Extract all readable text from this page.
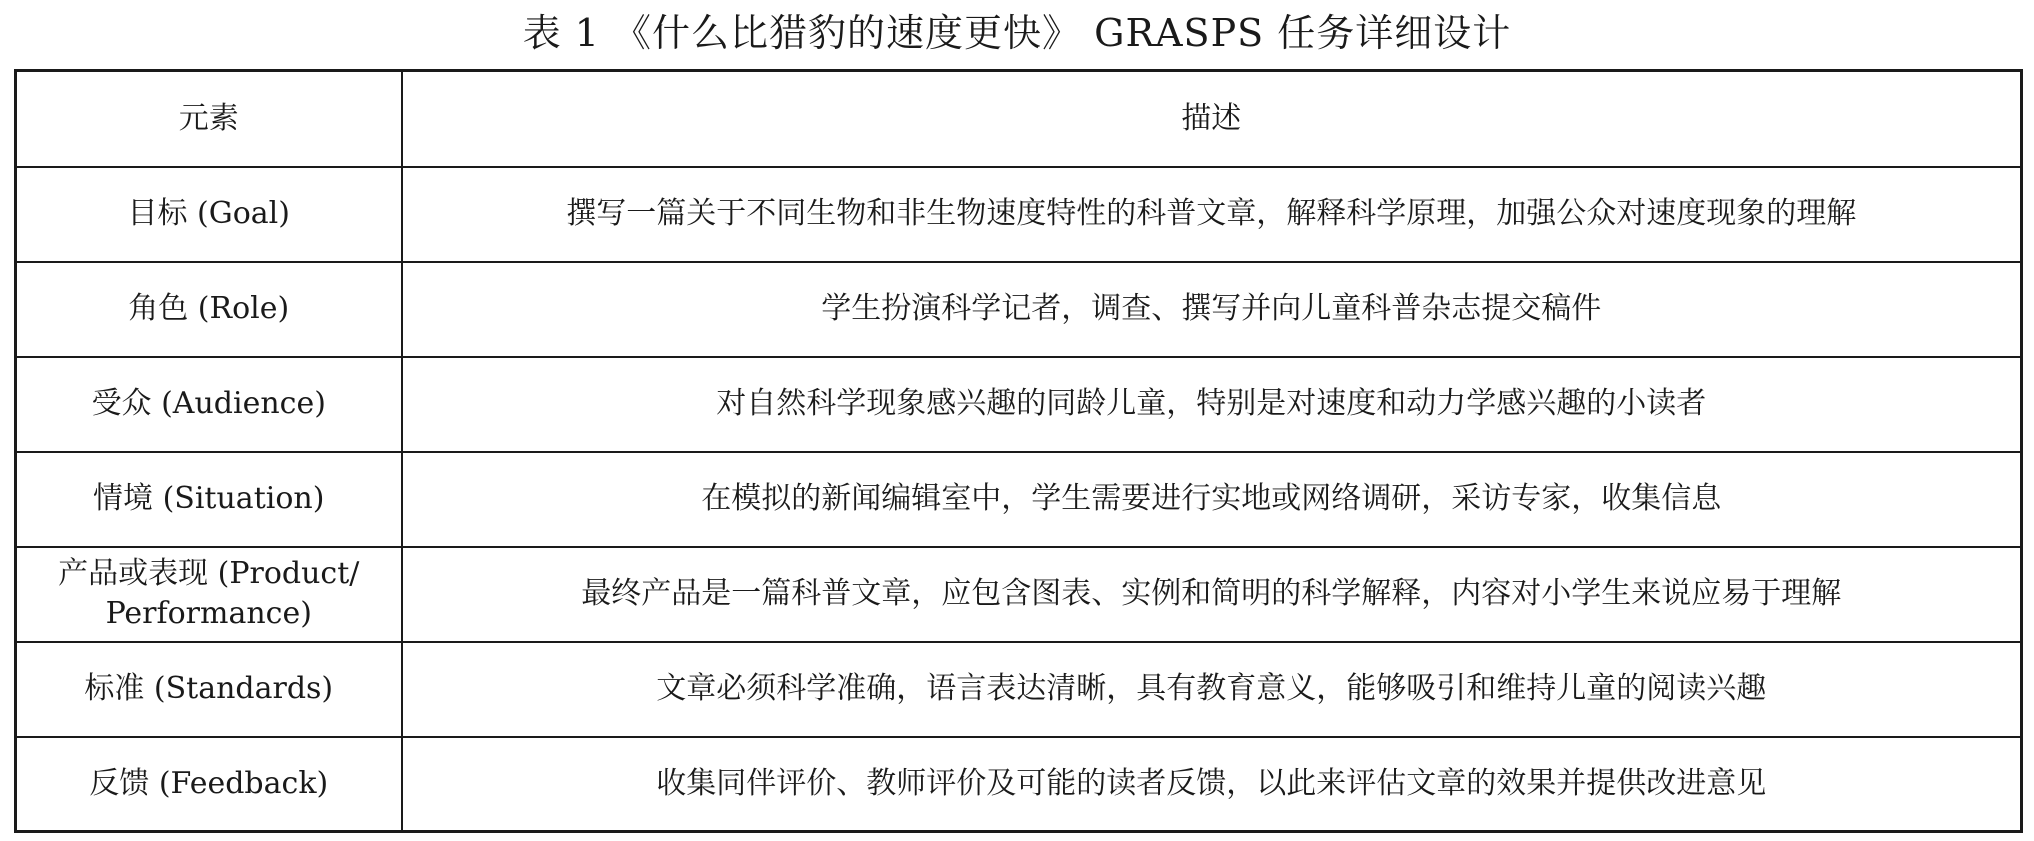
表 1 《什么比猎豹的速度更快》 GRASPS 任务详细设计
元素	描述
目标 (Goal)	撰写一篇关于不同生物和非生物速度特性的科普文章，解释科学原理，加强公众对速度现象的理解
角色 (Role)	学生扮演科学记者，调查、撰写并向儿童科普杂志提交稿件
受众 (Audience)	对自然科学现象感兴趣的同龄儿童，特别是对速度和动力学感兴趣的小读者
情境 (Situation)	在模拟的新闻编辑室中，学生需要进行实地或网络调研，采访专家，收集信息
产品或表现 (Product/ Performance)	最终产品是一篇科普文章，应包含图表、实例和简明的科学解释，内容对小学生来说应易于理解
标准 (Standards)	文章必须科学准确，语言表达清晰，具有教育意义，能够吸引和维持儿童的阅读兴趣
反馈 (Feedback)	收集同伴评价、教师评价及可能的读者反馈，以此来评估文章的效果并提供改进意见
